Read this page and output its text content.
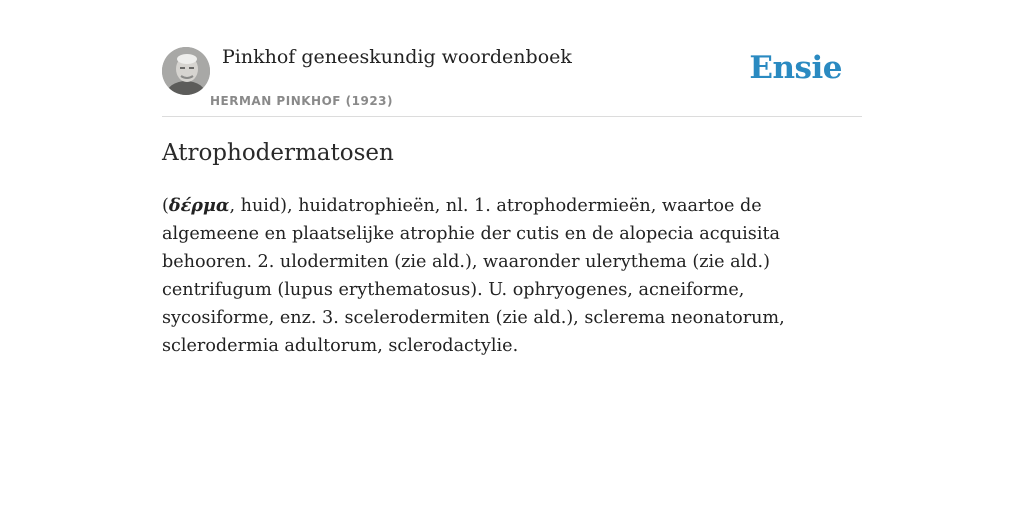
Pinkhof geneeskundig woordenboek
HERMAN PINKHOF (1923)
Ensie
Atrophodermatosen

(δέρμα, huid), huidatrophieën, nl. 1. atrophodermieën, waartoe de algemeene en plaatselijke atrophie der cutis en de alopecia acquisita behooren. 2. ulodermiten (zie ald.), waaronder ulerythema (zie ald.) centrifugum (lupus erythematosus). U. ophryogenes, acneiforme, sycosiforme, enz. 3. scelerodermiten (zie ald.), sclerema neonatorum, sclerodermia adultorum, sclerodactylie.
